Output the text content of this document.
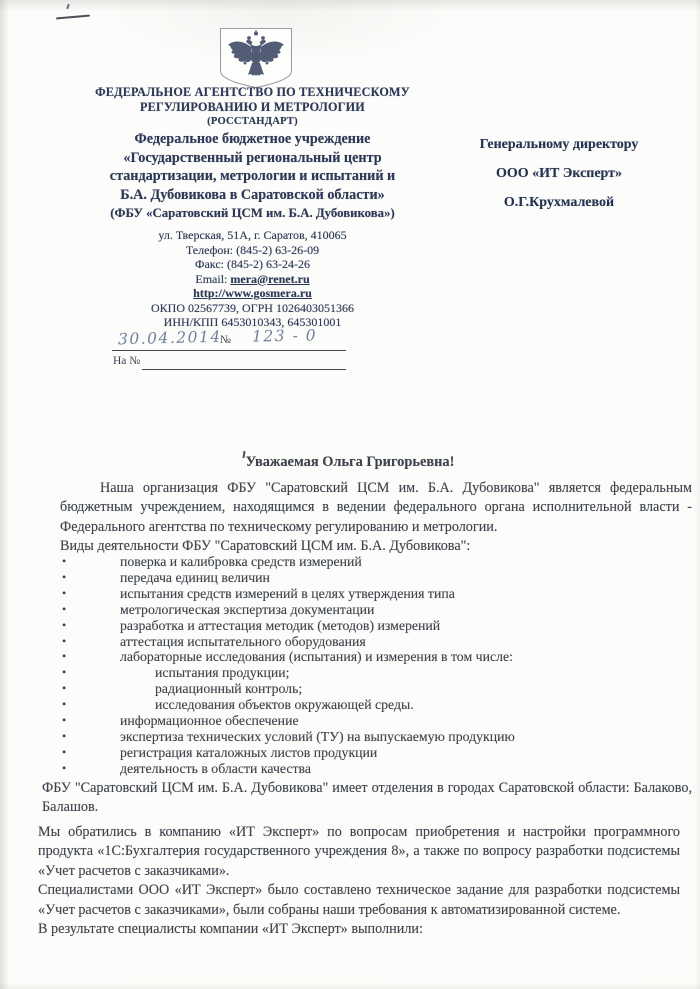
ФЕДЕРАЛЬНОЕ АГЕНТСТВО ПО ТЕХНИЧЕСКОМУ
РЕГУЛИРОВАНИЮ И МЕТРОЛОГИИ
(РОССТАНДАРТ)
Федеральное бюджетное учреждение
«Государственный региональный центр
стандартизации, метрологии и испытаний и
Б.А. Дубовикова в Саратовской области»
(ФБУ «Саратовский ЦСМ им. Б.А. Дубовикова»)
ул. Тверская, 51А, г. Саратов, 410065
Телефон: (845-2) 63-26-09
Факс: (845-2) 63-24-26
Email: mera@renet.ru
http://www.gosmera.ru
ОКПО 02567739, ОГРН 1026403051366
ИНН/КПП 6453010343, 645301001
30.04.2014
№ 123 - 0
На №
Генеральному директору
ООО «ИТ Эксперт»
О.Г.Крухмалевой
Уважаемая Ольга Григорьевна!
Наша организация ФБУ "Саратовский ЦСМ им. Б.А. Дубовикова" является федеральным бюджетным учреждением, находящимся в ведении федерального органа исполнительной власти - Федерального агентства по техническому регулированию и метрологии.
Виды деятельности ФБУ "Саратовский ЦСМ им. Б.А. Дубовикова":
•	поверка и калибровка средств измерений
•	передача единиц величин
•	испытания средств измерений в целях утверждения типа
•	метрологическая экспертиза документации
•	разработка и аттестация методик (методов) измерений
•	аттестация испытательного оборудования
•	лабораторные исследования (испытания) и измерения в том числе:
•	испытания продукции;
•	радиационный контроль;
•	исследования объектов окружающей среды.
•	информационное обеспечение
•	экспертиза технических условий (ТУ) на выпускаемую продукцию
•	регистрация каталожных листов продукции
•	деятельность в области качества
ФБУ "Саратовский ЦСМ им. Б.А. Дубовикова" имеет отделения в городах Саратовской области: Балаково, Балашов.

Мы обратились в компанию «ИТ Эксперт» по вопросам приобретения и настройки программного продукта «1С:Бухгалтерия государственного учреждения 8», а также по вопросу разработки подсистемы «Учет расчетов с заказчиками».

Специалистами ООО «ИТ Эксперт» было составлено техническое задание для разработки подсистемы «Учет расчетов с заказчиками», были собраны наши требования к автоматизированной системе.

В результате специалисты компании «ИТ Эксперт» выполнили:
